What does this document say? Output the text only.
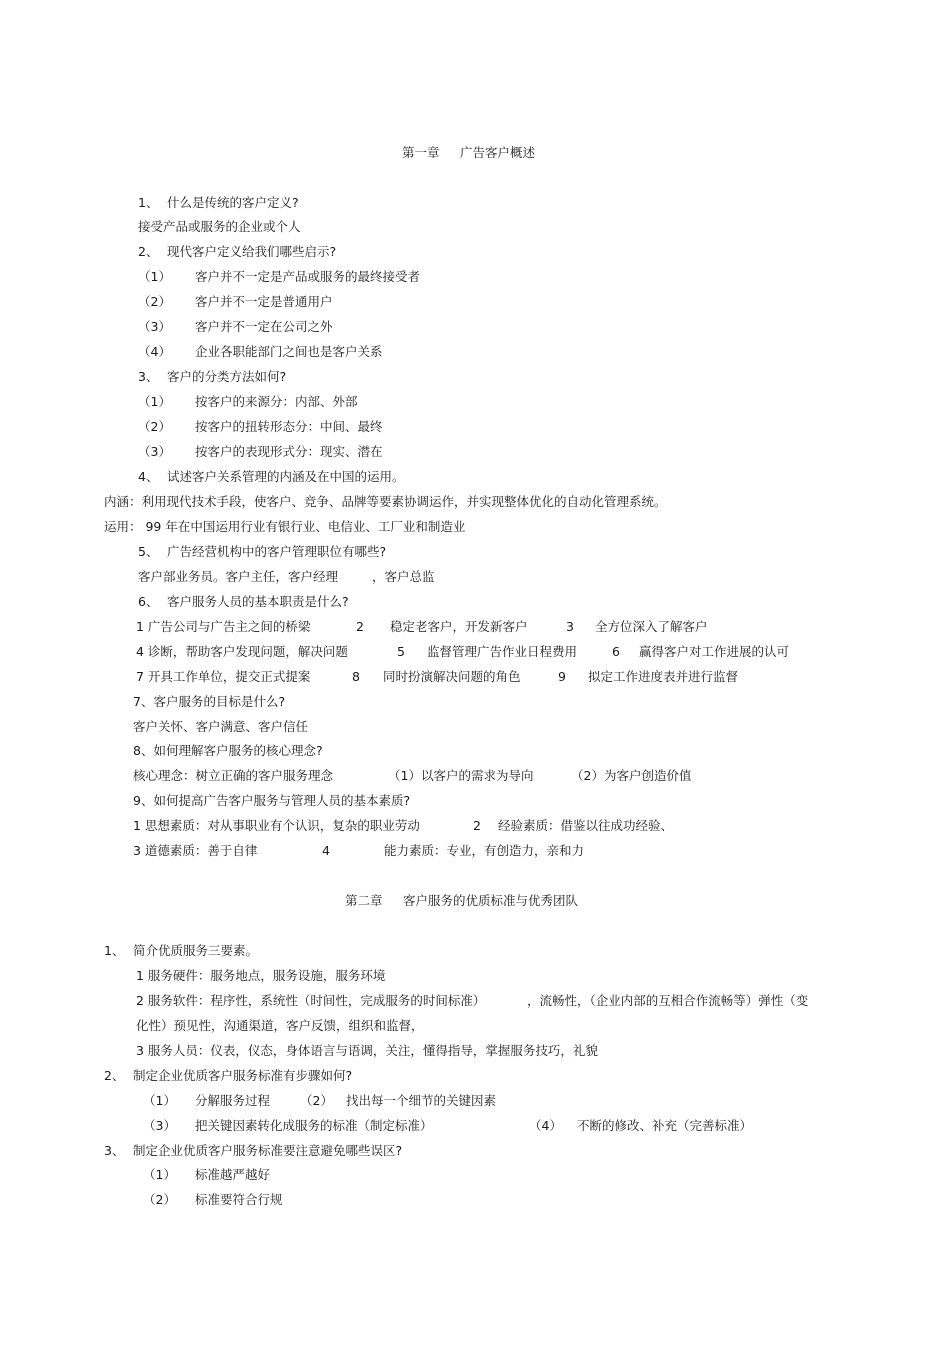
第一章 广告客户概述
1、 什么是传统的客户定义?
接受产品或服务的企业或个人
2、 现代客户定义给我们哪些启示?
（1） 客户并不一定是产品或服务的最终接受者
（2） 客户并不一定是普通用户
（3） 客户并不一定在公司之外
（4） 企业各职能部门之间也是客户关系
3、 客户的分类方法如何?
（1） 按客户的来源分：内部、外部
（2） 按客户的扭转形态分：中间、最终
（3） 按客户的表现形式分：现实、潜在
4、 试述客户关系管理的内涵及在中国的运用。
内涵：利用现代技术手段，使客户、竞争、品牌等要素协调运作，并实现整体优化的自动化管理系统。
运用： 99 年在中国运用行业有银行业、电信业、工厂业和制造业
5、 广告经营机构中的客户管理职位有哪些?
客户部业务员。客户主任，客户经理	，客户总监
6、 客户服务人员的基本职责是什么?
1 广告公司与广告主之间的桥梁	2 稳定老客户，开发新客户	3 全方位深入了解客户
4 诊断，帮助客户发现问题，解决问题	5 监督管理广告作业日程费用	6 赢得客户对工作进展的认可
7 开具工作单位，提交正式提案	8 同时扮演解决问题的角色	9 拟定工作进度表并进行监督
7、客户服务的目标是什么?
客户关怀、客户满意、客户信任
8、如何理解客户服务的核心理念?
核心理念：树立正确的客户服务理念	（1）以客户的需求为导向	（2）为客户创造价值
9、如何提高广告客户服务与管理人员的基本素质?
1 思想素质：对从事职业有个认识，复杂的职业劳动	2 经验素质：借鉴以往成功经验、
3 道德素质：善于自律	4	能力素质：专业，有创造力，亲和力
第二章 客户服务的优质标准与优秀团队
1、 简介优质服务三要素。
1 服务硬件：服务地点，服务设施，服务环境
2 服务软件：程序性，系统性（时间性，完成服务的时间标准）	，流畅性，（企业内部的互相合作流畅等）弹性（变
化性）预见性，沟通渠道，客户反馈，组织和监督，
3 服务人员：仪表，仪态，身体语言与语调，关注，懂得指导，掌握服务技巧，礼貌
2、 制定企业优质客户服务标准有步骤如何?
（1） 分解服务过程 （2） 找出每一个细节的关键因素
（3） 把关键因素转化成服务的标准（制定标准）	（4） 不断的修改、补充（完善标准）
3、 制定企业优质客户服务标准要注意避免哪些误区?
（1） 标准越严越好
（2） 标准要符合行规
